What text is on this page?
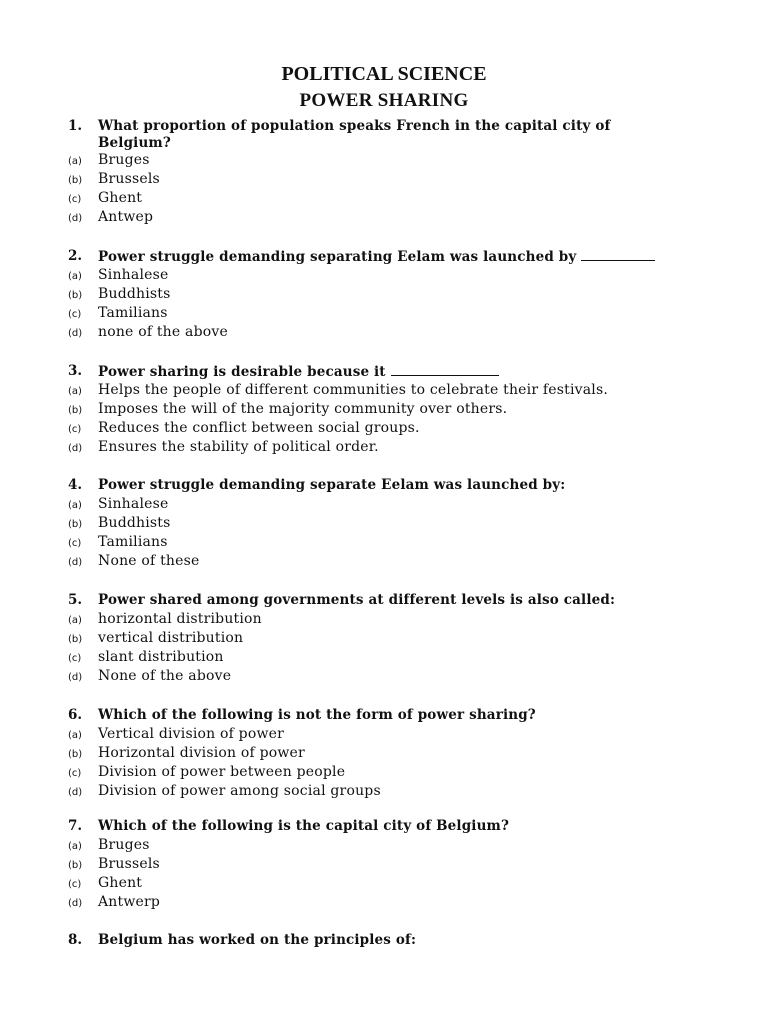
POLITICAL SCIENCE
POWER SHARING
1. What proportion of population speaks French in the capital city of
Belgium?
(a) Bruges
(b) Brussels
(c) Ghent
(d) Antwep
2. Power struggle demanding separating Eelam was launched by
(a) Sinhalese
(b) Buddhists
(c) Tamilians
(d) none of the above
3. Power sharing is desirable because it
(a) Helps the people of different communities to celebrate their festivals.
(b) Imposes the will of the majority community over others.
(c) Reduces the conflict between social groups.
(d) Ensures the stability of political order.
4. Power struggle demanding separate Eelam was launched by:
(a) Sinhalese
(b) Buddhists
(c) Tamilians
(d) None of these
5. Power shared among governments at different levels is also called:
(a) horizontal distribution
(b) vertical distribution
(c) slant distribution
(d) None of the above
6. Which of the following is not the form of power sharing?
(a) Vertical division of power
(b) Horizontal division of power
(c) Division of power between people
(d) Division of power among social groups
7. Which of the following is the capital city of Belgium?
(a) Bruges
(b) Brussels
(c) Ghent
(d) Antwerp
8. Belgium has worked on the principles of:
